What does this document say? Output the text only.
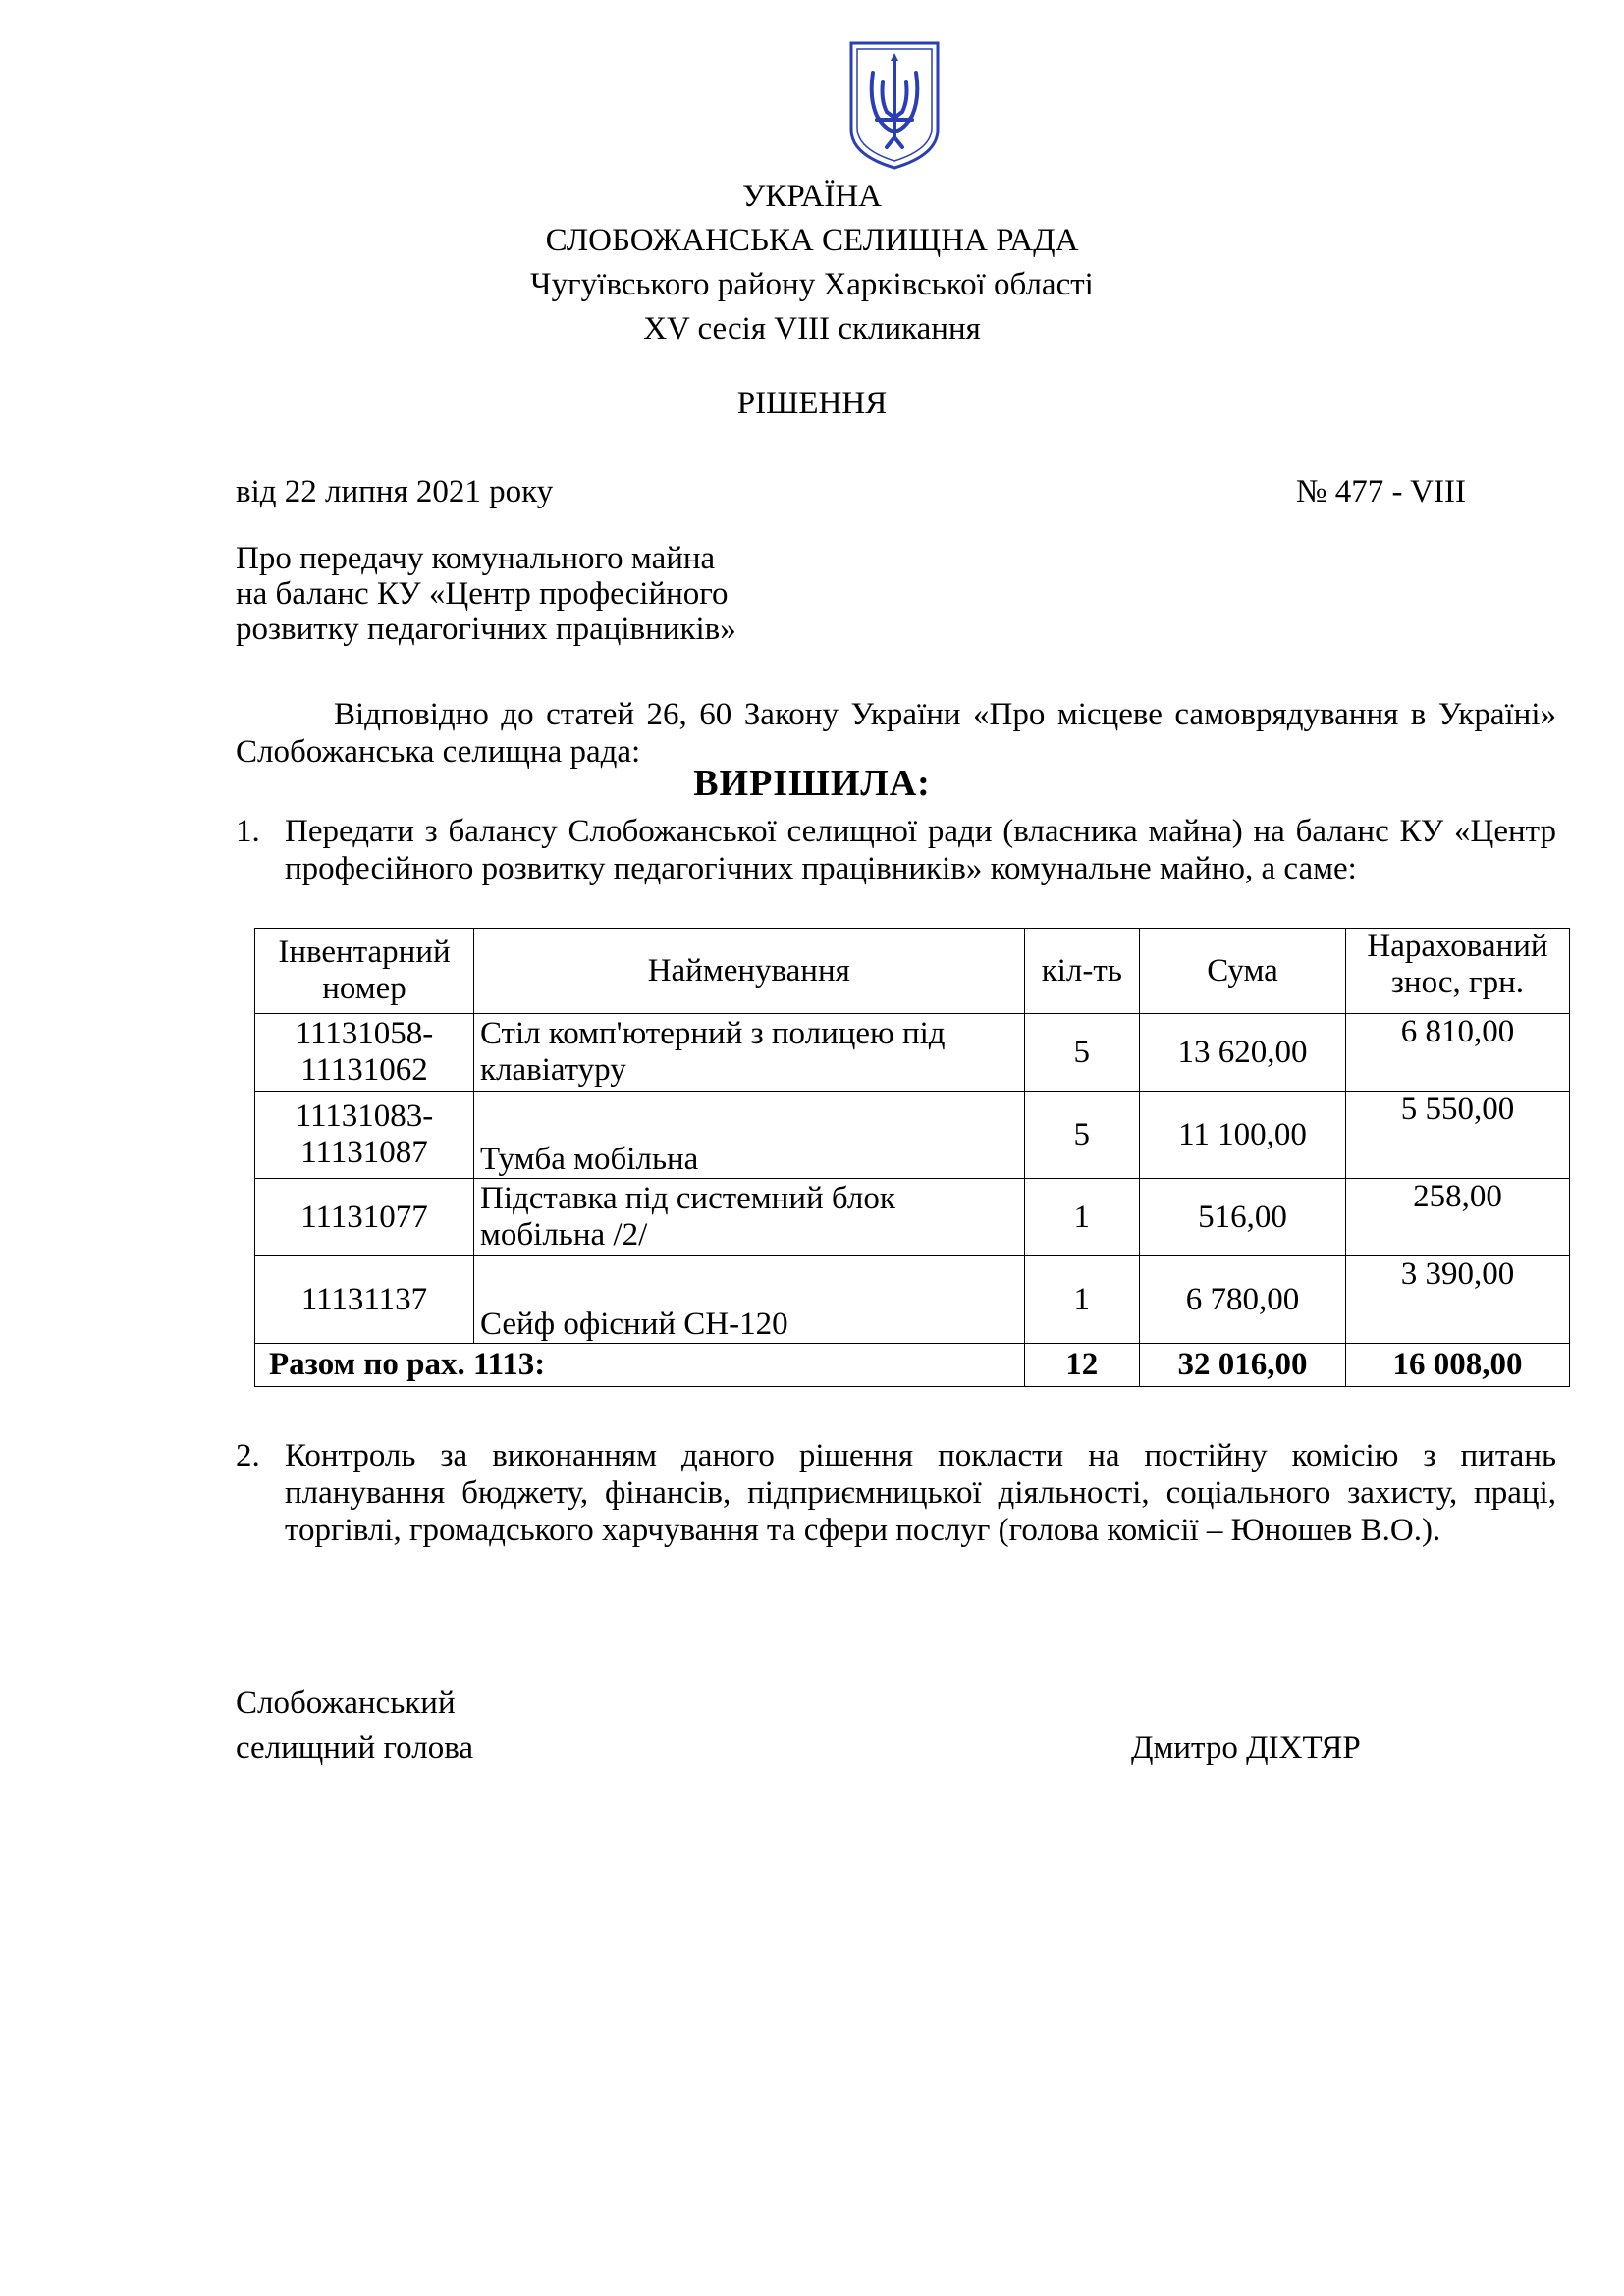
УКРАЇНА
СЛОБОЖАНСЬКА СЕЛИЩНА РАДА
Чугуївського району Харківської області
XV сесія VIII скликання
РІШЕННЯ
від 22 липня 2021 року	№ 477 - VIII
Про передачу комунального майна
на баланс КУ «Центр професійного
розвитку педагогічних працівників»
Відповідно до статей 26, 60 Закону України «Про місцеве самоврядування в Україні» Слобожанська селищна рада:
ВИРІШИЛА:
1. Передати з балансу Слобожанської селищної ради (власника майна) на баланс КУ «Центр професійного розвитку педагогічних працівників» комунальне майно, а саме:
Інвентарний номер	Найменування	кіл-ть	Сума	Нарахований знос, грн.
11131058-11131062	Стіл комп'ютерний з полицею під клавіатуру	5	13 620,00	6 810,00
11131083-11131087	Тумба мобільна	5	11 100,00	5 550,00
11131077	Підставка під системний блок мобільна /2/	1	516,00	258,00
11131137	Сейф офісний СН-120	1	6 780,00	3 390,00
Разом по рах. 1113:		12	32 016,00	16 008,00
2. Контроль за виконанням даного рішення покласти на постійну комісію з питань планування бюджету, фінансів, підприємницької діяльності, соціального захисту, праці, торгівлі, громадського харчування та сфери послуг (голова комісії – Юношев В.О.).
Слобожанський
селищний голова	Дмитро ДІХТЯР
